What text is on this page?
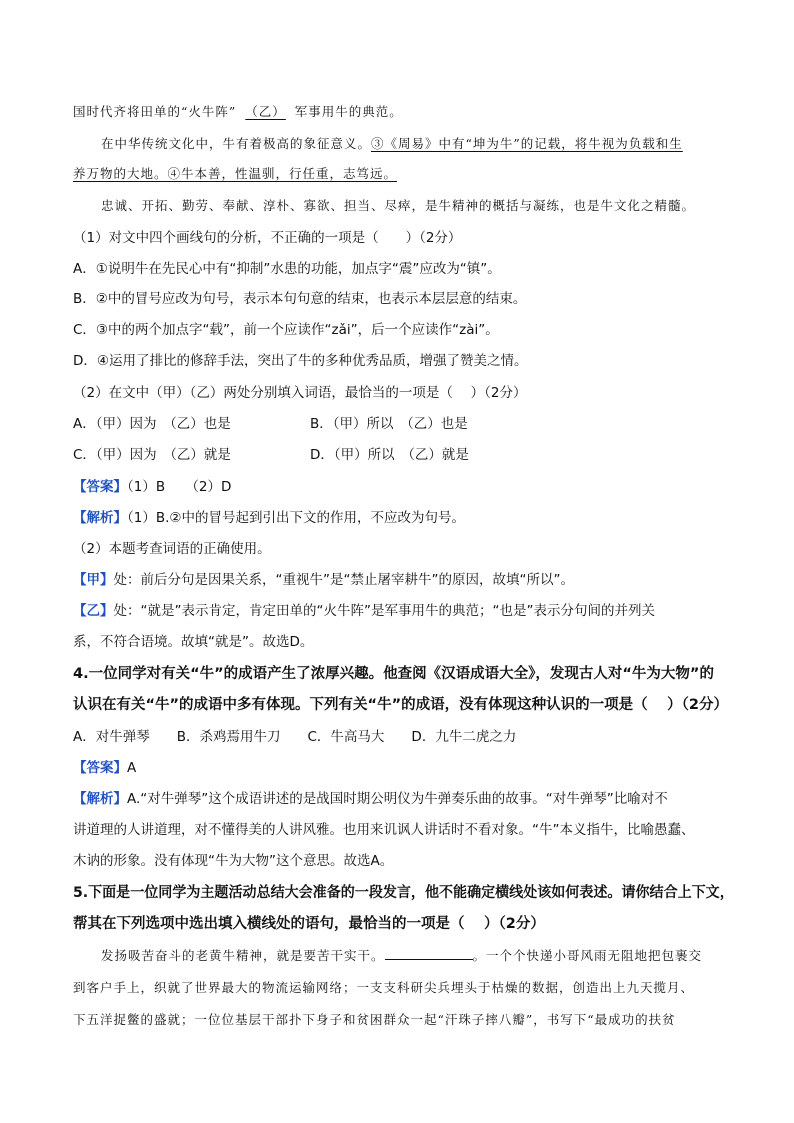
国时代齐将田单的“火牛阵” （乙） 军事用牛的典范。
在中华传统文化中，牛有着极高的象征意义。③《周易》中有“坤为牛”的记载，将牛视为负载和生
养万物的大地。④牛本善，性温驯，行任重，志笃远。
忠诚、开拓、勤劳、奉献、淳朴、寡欲、担当、尽瘁，是牛精神的概括与凝练，也是牛文化之精髓。
（1）对文中四个画线句的分析，不正确的一项是（　　）（2分）
A．①说明牛在先民心中有“抑制”水患的功能，加点字“震”应改为“镇”。
B．②中的冒号应改为句号，表示本句句意的结束，也表示本层层意的结束。
C．③中的两个加点字“载”，前一个应读作“zǎi”，后一个应读作“zài”。
D．④运用了排比的修辞手法，突出了牛的多种优秀品质，增强了赞美之情。
（2）在文中（甲）（乙）两处分别填入词语，最恰当的一项是（　 ）（2分）
A．（甲）因为　（乙）也是	B．（甲）所以　（乙）也是
C．（甲）因为　（乙）就是	D．（甲）所以　（乙）就是
【答案】（1）B　　（2）D
【解析】（1）B.②中的冒号起到引出下文的作用，不应改为句号。
（2）本题考查词语的正确使用。
【甲】处：前后分句是因果关系，“重视牛”是“禁止屠宰耕牛”的原因，故填“所以”。
【乙】处：“就是”表示肯定，肯定田单的“火牛阵”是军事用牛的典范；“也是”表示分句间的并列关
系，不符合语境。故填“就是”。故选D。
4.一位同学对有关“牛”的成语产生了浓厚兴趣。他查阅《汉语成语大全》，发现古人对“牛为大物”的
认识在有关“牛”的成语中多有体现。下列有关“牛”的成语，没有体现这种认识的一项是（　 ）（2分）
A．对牛弹琴　　B．杀鸡焉用牛刀　　C．牛高马大　　D．九牛二虎之力
【答案】A
【解析】A.“对牛弹琴”这个成语讲述的是战国时期公明仪为牛弹奏乐曲的故事。“对牛弹琴”比喻对不
讲道理的人讲道理，对不懂得美的人讲风雅。也用来讥讽人讲话时不看对象。“牛”本义指牛，比喻愚蠢、
木讷的形象。没有体现“牛为大物”这个意思。故选A。
5.下面是一位同学为主题活动总结大会准备的一段发言，他不能确定横线处该如何表述。请你结合上下文，
帮其在下列选项中选出填入横线处的语句，最恰当的一项是（　 ）（2分）
发扬吸苦奋斗的老黄牛精神，就是要苦干实干。	。一个个快递小哥风雨无阻地把包裹交
到客户手上，织就了世界最大的物流运输网络；一支支科研尖兵埋头于枯燥的数据，创造出上九天揽月、
下五洋捉鳖的盛就；一位位基层干部扑下身子和贫困群众一起“汗珠子摔八瓣”，书写下“最成功的扶贫
